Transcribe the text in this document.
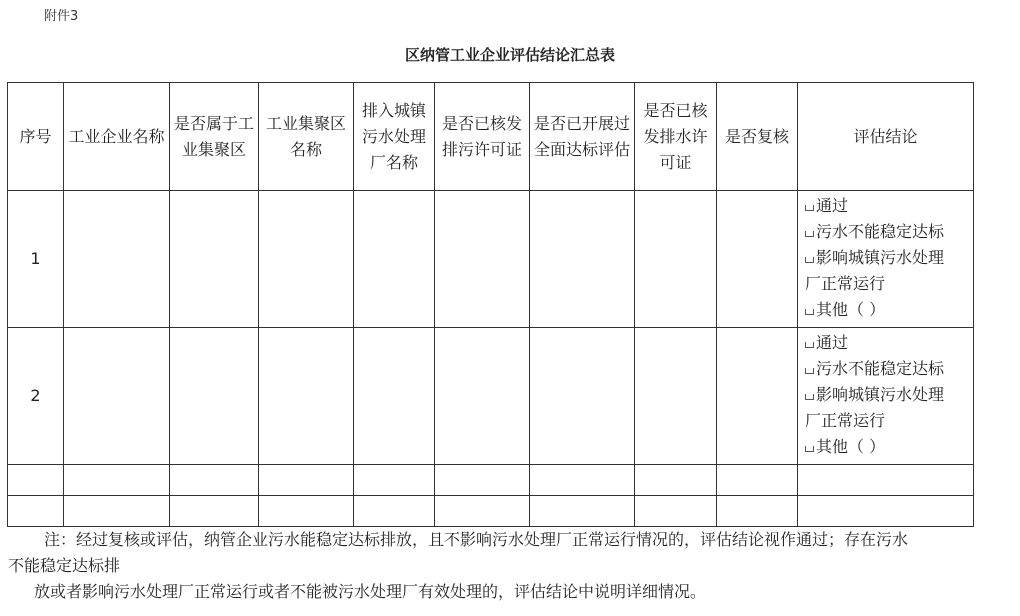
附件3
区纳管工业企业评估结论汇总表
序号	工业企业名称	是否属于工业集聚区	工业集聚区名称	排入城镇污水处理厂名称	是否已核发排污许可证	是否已开展过全面达标评估	是否已核发排水许可证	是否复核	评估结论
1									通过
污水不能稳定达标
影响城镇污水处理
厂正常运行
其他（ ）

2									通过
污水不能稳定达标
影响城镇污水处理
厂正常运行
其他（ ）

注：经过复核或评估，纳管企业污水能稳定达标排放，且不影响污水处理厂正常运行情况的，评估结论视作通过；存在污水

不能稳定达标排

放或者影响污水处理厂正常运行或者不能被污水处理厂有效处理的，评估结论中说明详细情况。
